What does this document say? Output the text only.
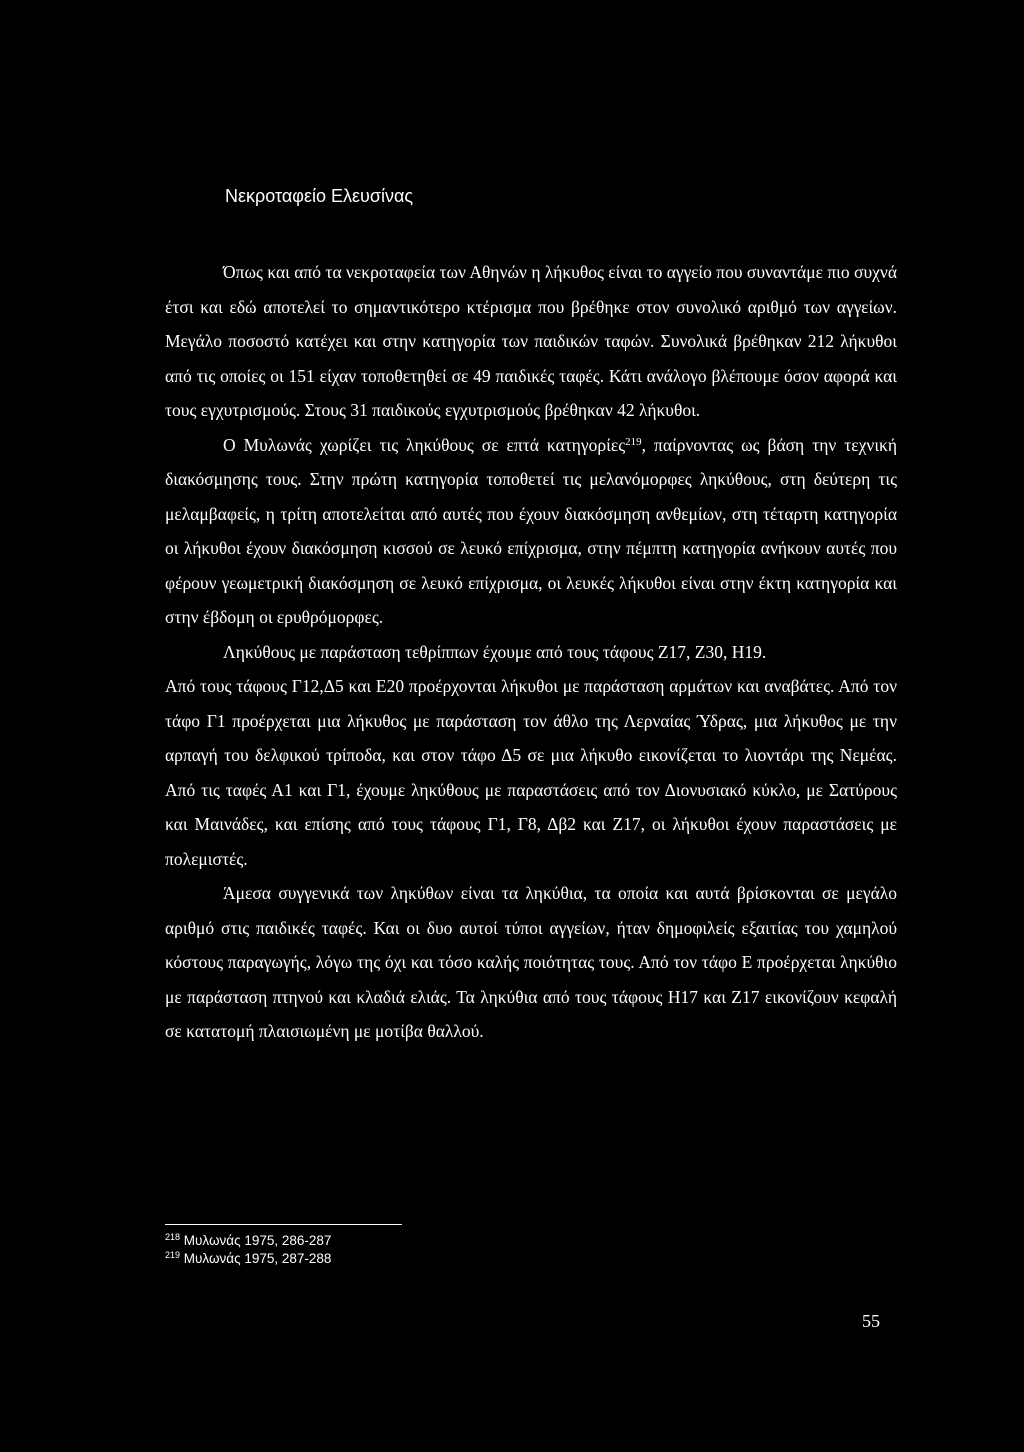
Νεκροταφείο Ελευσίνας

Όπως και από τα νεκροταφεία των Αθηνών η λήκυθος είναι το αγγείο που συναντάμε πιο συχνά έτσι και εδώ αποτελεί το σημαντικότερο κτέρισμα που βρέθηκε στον συνολικό αριθμό των αγγείων. Μεγάλο ποσοστό κατέχει και στην κατηγορία των παιδικών ταφών. Συνολικά βρέθηκαν 212 λήκυθοι από τις οποίες οι 151 είχαν τοποθετηθεί σε 49 παιδικές ταφές. Κάτι ανάλογο βλέπουμε όσον αφορά και τους εγχυτρισμούς. Στους 31 παιδικούς εγχυτρισμούς βρέθηκαν 42 λήκυθοι.

Ο Μυλωνάς χωρίζει τις ληκύθους σε επτά κατηγορίες$^{219}$, παίρνοντας ως βάση την τεχνική διακόσμησης τους. Στην πρώτη κατηγορία τοποθετεί τις μελανόμορφες ληκύθους, στη δεύτερη τις μελαμβαφείς, η τρίτη αποτελείται από αυτές που έχουν διακόσμηση ανθεμίων, στη τέταρτη κατηγορία οι λήκυθοι έχουν διακόσμηση κισσού σε λευκό επίχρισμα, στην πέμπτη κατηγορία ανήκουν αυτές που φέρουν γεωμετρική διακόσμηση σε λευκό επίχρισμα, οι λευκές λήκυθοι είναι στην έκτη κατηγορία και στην έβδομη οι ερυθρόμορφες.

Ληκύθους με παράσταση τεθρίππων έχουμε από τους τάφους Ζ17, Ζ30, Η19.

Από τους τάφους Γ12,Δ5 και Ε20 προέρχονται λήκυθοι με παράσταση αρμάτων και αναβάτες. Από τον τάφο Γ1 προέρχεται μια λήκυθος με παράσταση τον άθλο της Λερναίας Ύδρας, μια λήκυθος με την αρπαγή του δελφικού τρίποδα, και στον τάφο Δ5 σε μια λήκυθο εικονίζεται το λιοντάρι της Νεμέας. Από τις ταφές Α1 και Γ1, έχουμε ληκύθους με παραστάσεις από τον Διονυσιακό κύκλο, με Σατύρους και Μαινάδες, και επίσης από τους τάφους Γ1, Γ8, Δβ2 και Ζ17, οι λήκυθοι έχουν παραστάσεις με πολεμιστές.

Άμεσα συγγενικά των ληκύθων είναι τα ληκύθια, τα οποία και αυτά βρίσκονται σε μεγάλο αριθμό στις παιδικές ταφές. Και οι δυο αυτοί τύποι αγγείων, ήταν δημοφιλείς εξαιτίας του χαμηλού κόστους παραγωγής, λόγω της όχι και τόσο καλής ποιότητας τους. Από τον τάφο Ε προέρχεται ληκύθιο με παράσταση πτηνού και κλαδιά ελιάς. Τα ληκύθια από τους τάφους Η17 και Ζ17 εικονίζουν κεφαλή σε κατατομή πλαισιωμένη με μοτίβα θαλλού.

$^{218}$ Μυλωνάς 1975, 286-287
$^{219}$ Μυλωνάς 1975, 287-288
55
